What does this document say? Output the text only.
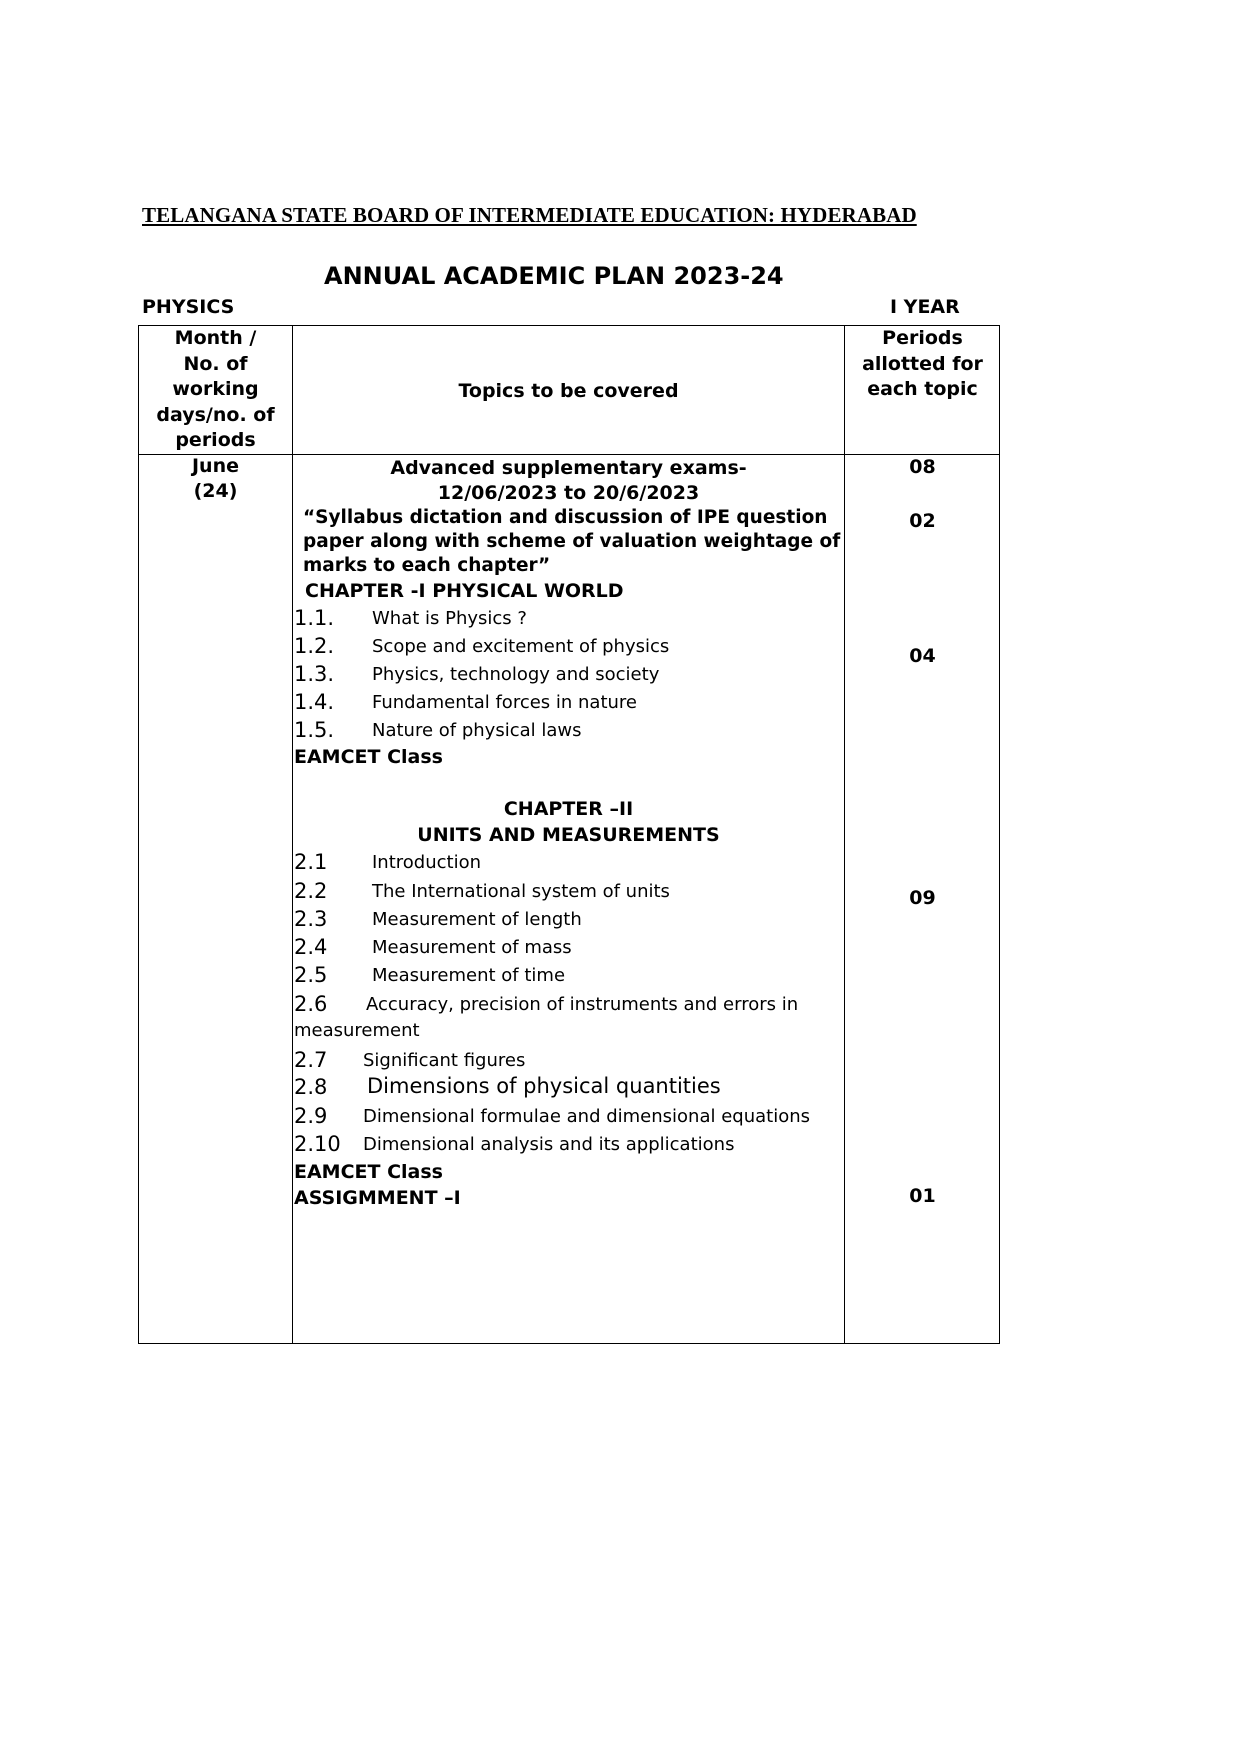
TELANGANA STATE BOARD OF INTERMEDIATE EDUCATION: HYDERABAD
ANNUAL ACADEMIC PLAN 2023-24
PHYSICS	I YEAR
Month /
No. of
working
days/no. of
periods
Topics to be covered
Periods
allotted for
each topic
June
(24)
Advanced supplementary exams-
12/06/2023 to 20/6/2023
“Syllabus dictation and discussion of IPE question
paper along with scheme of valuation weightage of
marks to each chapter”
CHAPTER -I PHYSICAL WORLD
1.1. What is Physics ?
1.2. Scope and excitement of physics
1.3. Physics, technology and society
1.4. Fundamental forces in nature
1.5. Nature of physical laws
EAMCET Class
CHAPTER –II
UNITS AND MEASUREMENTS
2.1 Introduction
2.2 The International system of units
2.3 Measurement of length
2.4 Measurement of mass
2.5 Measurement of time
2.6 Accuracy, precision of instruments and errors in
measurement
2.7 Significant figures
2.8 Dimensions of physical quantities
2.9 Dimensional formulae and dimensional equations
2.10 Dimensional analysis and its applications
EAMCET Class
ASSIGMMENT –I
08
02
04
09
01
